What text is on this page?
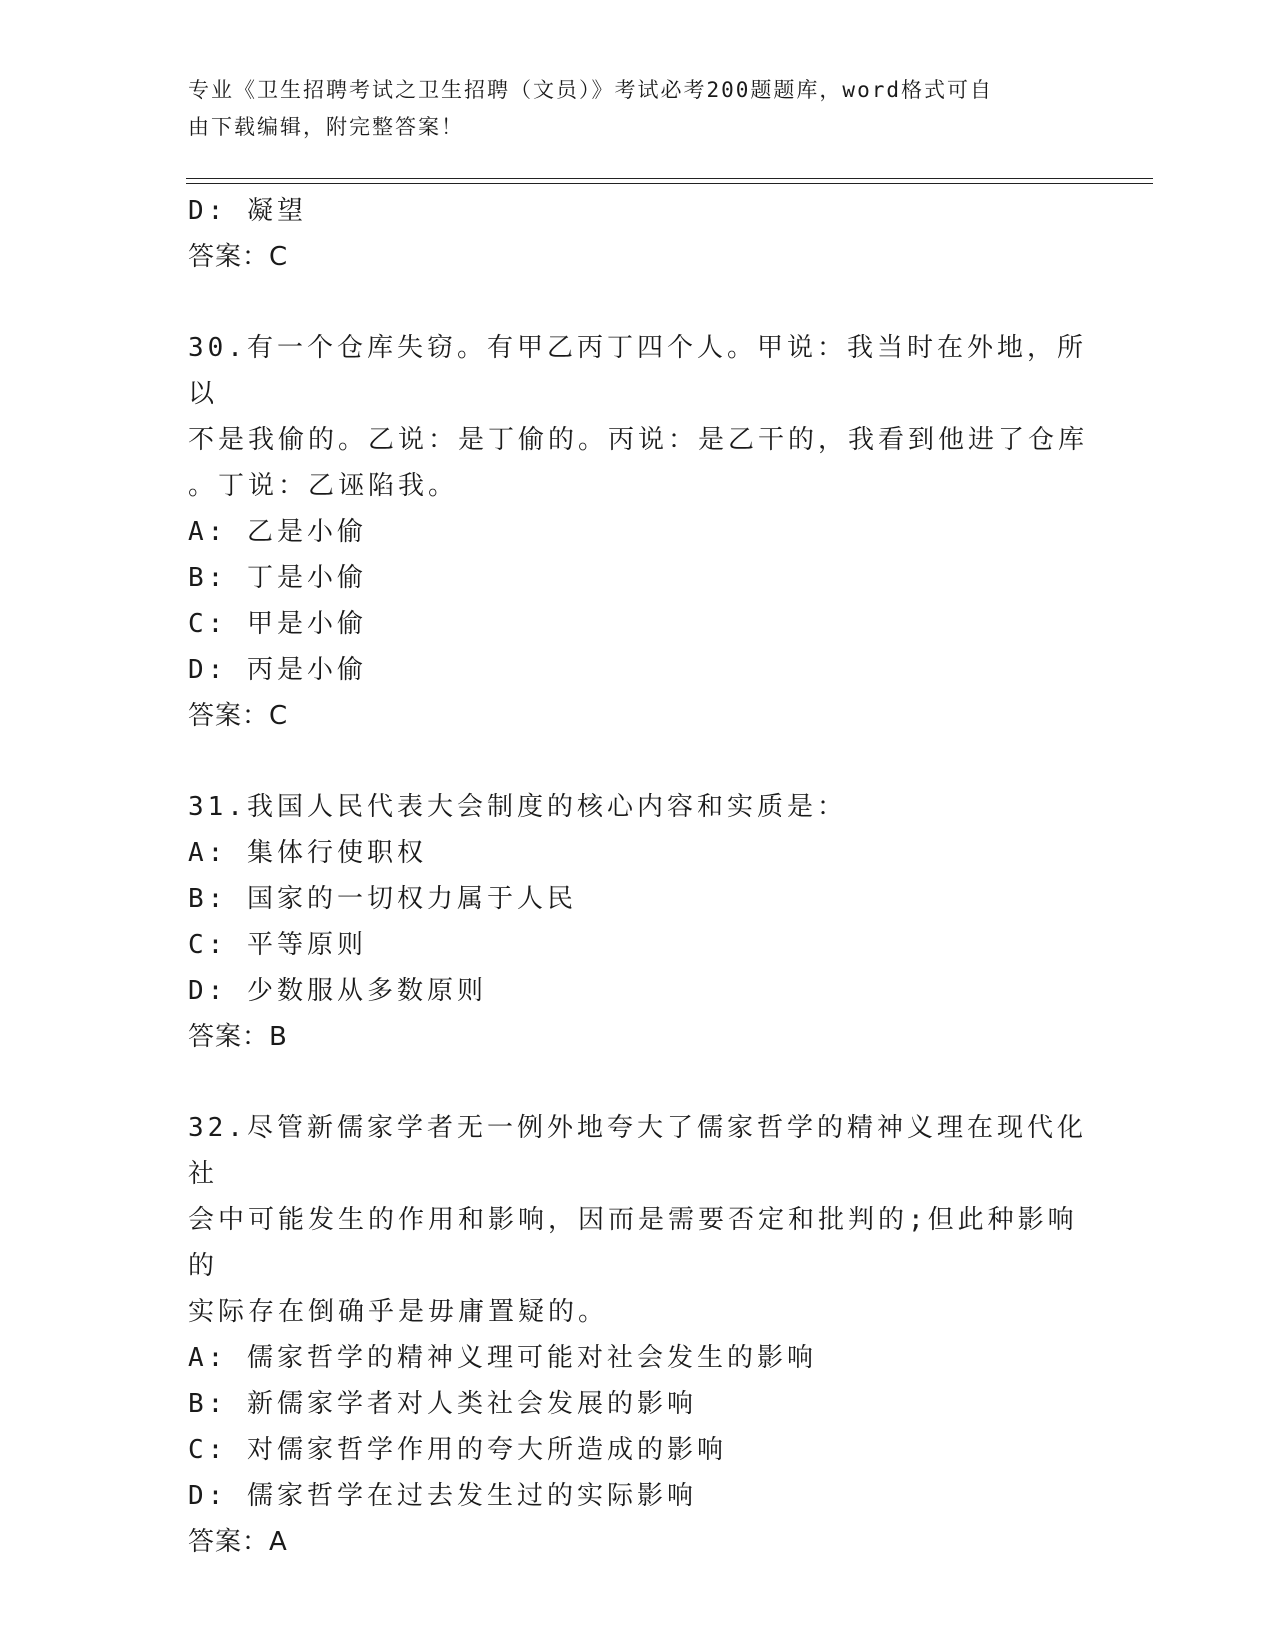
专业《卫生招聘考试之卫生招聘（文员）》考试必考200题题库，word格式可自
由下载编辑，附完整答案！

D: 凝望

答案：C

30.有一个仓库失窃。有甲乙丙丁四个人。甲说：我当时在外地，所以

不是我偷的。乙说：是丁偷的。丙说：是乙干的，我看到他进了仓库

。丁说：乙诬陷我。

A: 乙是小偷

B: 丁是小偷

C: 甲是小偷

D: 丙是小偷

答案：C

31.我国人民代表大会制度的核心内容和实质是：

A: 集体行使职权

B: 国家的一切权力属于人民

C: 平等原则

D: 少数服从多数原则

答案：B

32.尽管新儒家学者无一例外地夸大了儒家哲学的精神义理在现代化社

会中可能发生的作用和影响，因而是需要否定和批判的;但此种影响的

实际存在倒确乎是毋庸置疑的。

A: 儒家哲学的精神义理可能对社会发生的影响

B: 新儒家学者对人类社会发展的影响

C: 对儒家哲学作用的夸大所造成的影响

D: 儒家哲学在过去发生过的实际影响

答案：A
